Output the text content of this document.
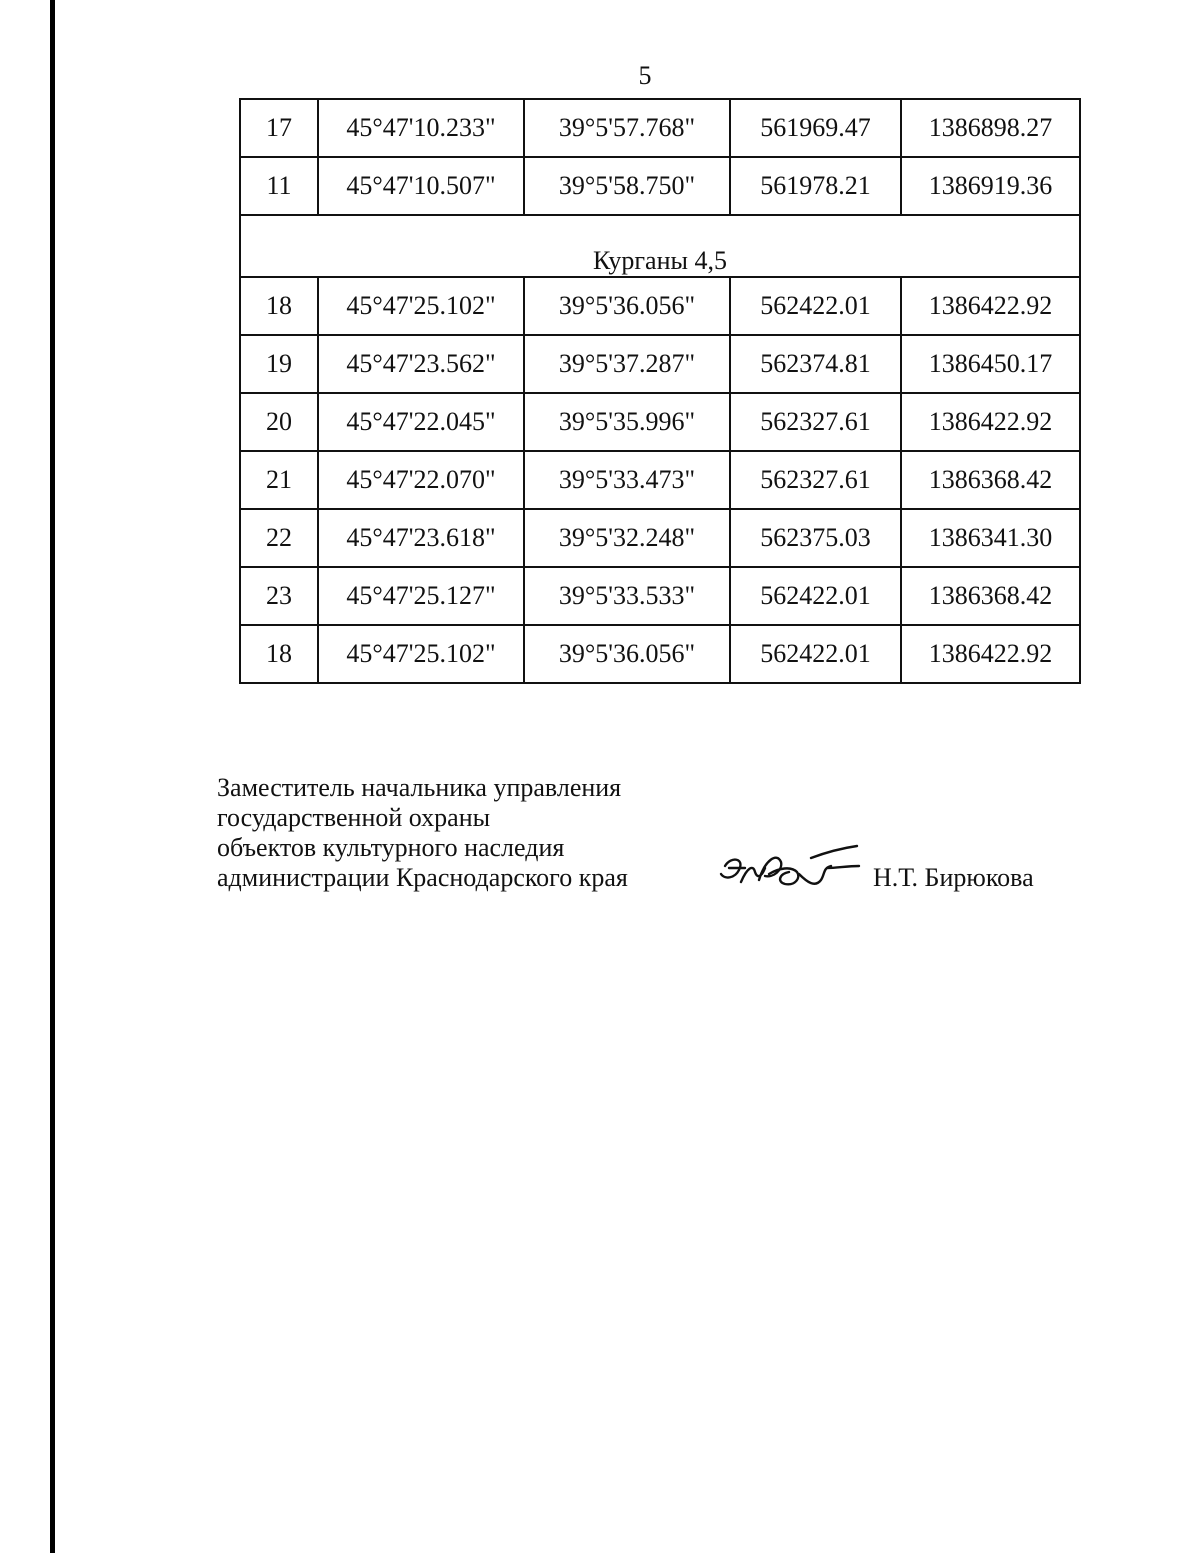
5
17	45°47'10.233"	39°5'57.768"	561969.47	1386898.27
11	45°47'10.507"	39°5'58.750"	561978.21	1386919.36
Курганы 4,5				
18	45°47'25.102"	39°5'36.056"	562422.01	1386422.92
19	45°47'23.562"	39°5'37.287"	562374.81	1386450.17
20	45°47'22.045"	39°5'35.996"	562327.61	1386422.92
21	45°47'22.070"	39°5'33.473"	562327.61	1386368.42
22	45°47'23.618"	39°5'32.248"	562375.03	1386341.30
23	45°47'25.127"	39°5'33.533"	562422.01	1386368.42
18	45°47'25.102"	39°5'36.056"	562422.01	1386422.92
Заместитель начальника управления
государственной охраны
объектов культурного наследия
администрации Краснодарского края	Н.Т. Бирюкова
